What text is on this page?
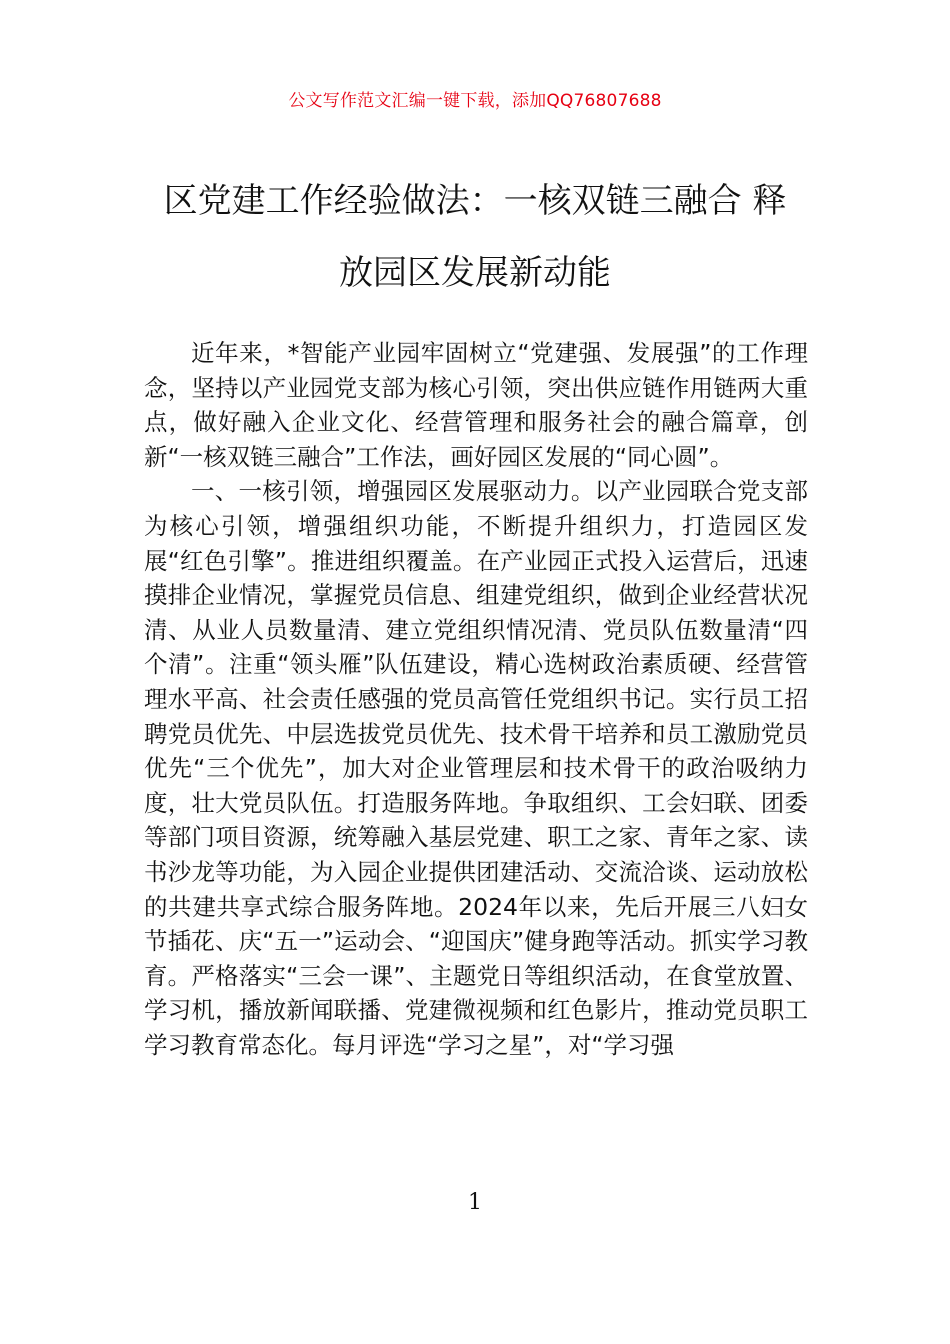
公文写作范文汇编一键下载，添加QQ76807688
区党建工作经验做法：一核双链三融合 释
放园区发展新动能

近年来，*智能产业园牢固树立“党建强、发展强”的工作理念，坚持以产业园党支部为核心引领，突出供应链作用链两大重点，做好融入企业文化、经营管理和服务社会的融合篇章，创新“一核双链三融合”工作法，画好园区发展的“同心圆”。

一、一核引领，增强园区发展驱动力。以产业园联合党支部为核心引领，增强组织功能，不断提升组织力，打造园区发展“红色引擎”。推进组织覆盖。在产业园正式投入运营后，迅速摸排企业情况，掌握党员信息、组建党组织，做到企业经营状况清、从业人员数量清、建立党组织情况清、党员队伍数量清“四个清”。注重“领头雁”队伍建设，精心选树政治素质硬、经营管理水平高、社会责任感强的党员高管任党组织书记。实行员工招聘党员优先、中层选拔党员优先、技术骨干培养和员工激励党员优先“三个优先”，加大对企业管理层和技术骨干的政治吸纳力度，壮大党员队伍。打造服务阵地。争取组织、工会妇联、团委等部门项目资源，统筹融入基层党建、职工之家、青年之家、读书沙龙等功能，为入园企业提供团建活动、交流洽谈、运动放松的共建共享式综合服务阵地。2024年以来，先后开展三八妇女节插花、庆“五一”运动会、“迎国庆”健身跑等活动。抓实学习教育。严格落实“三会一课”、主题党日等组织活动，在食堂放置、学习机，播放新闻联播、党建微视频和红色影片，推动党员职工学习教育常态化。每月评选“学习之星”，对“学习强

1
